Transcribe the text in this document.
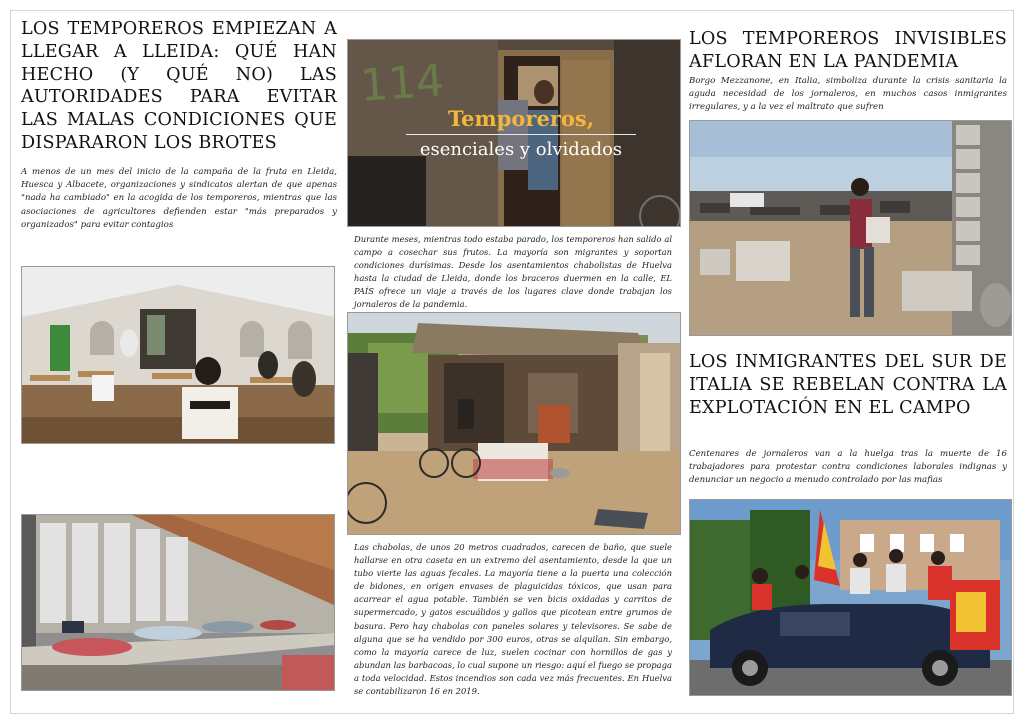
LOS TEMPOREROS EMPIEZAN A LLEGAR A LLEIDA: QUÉ HAN HECHO (Y QUÉ NO) LAS AUTORIDADES PARA EVITAR LAS MALAS CONDICIONES QUE DISPARARON LOS BROTES

A menos de un mes del inicio de la campaña de la fruta en Lleida, Huesca y Albacete, organizaciones y sindicatos alertan de que apenas "nada ha cambiado" en la acogida de los temporeros, mientras que las asociaciones de agricultores defienden estar "más preparados y organizados" para evitar contagios

114
Temporeros,
esenciales y olvidados

Durante meses, mientras todo estaba parado, los temporeros han salido al campo a cosechar sus frutos. La mayoría son migrantes y soportan condiciones durísimas. Desde los asentamientos chabolistas de Huelva hasta la ciudad de Lleida, donde los braceros duermen en la calle, EL PAÍS ofrece un viaje a través de los lugares clave donde trabajan los jornaleros de la pandemia.

Las chabolas, de unos 20 metros cuadrados, carecen de baño, que suele hallarse en otra caseta en un extremo del asentamiento, desde la que un tubo vierte las aguas fecales. La mayoría tiene a la puerta una colección de bidones, en origen envases de plaguicidas tóxicos, que usan para acarrear el agua potable. También se ven bicis oxidadas y carritos de supermercado, y gatos escuálidos y gallos que picotean entre grumos de basura. Pero hay chabolas con paneles solares y televisores. Se sabe de alguna que se ha vendido por 300 euros, otras se alquilan. Sin embargo, como la mayoría carece de luz, suelen cocinar con hornillos de gas y abundan las barbacoas, lo cual supone un riesgo: aquí el fuego se propaga a toda velocidad. Estos incendios son cada vez más frecuentes. En Huelva se contabilizaron 16 en 2019.

LOS TEMPOREROS INVISIBLES AFLORAN EN LA PANDEMIA

Borgo Mezzanone, en Italia, simboliza durante la crisis sanitaria la aguda necesidad de los jornaleros, en muchos casos inmigrantes irregulares, y a la vez el maltrato que sufren

LOS INMIGRANTES DEL SUR DE ITALIA SE REBELAN CONTRA LA EXPLOTACIÓN EN EL CAMPO

Centenares de jornaleros van a la huelga tras la muerte de 16 trabajadores para protestar contra condiciones laborales indignas y denunciar un negocio a menudo controlado por las mafias
